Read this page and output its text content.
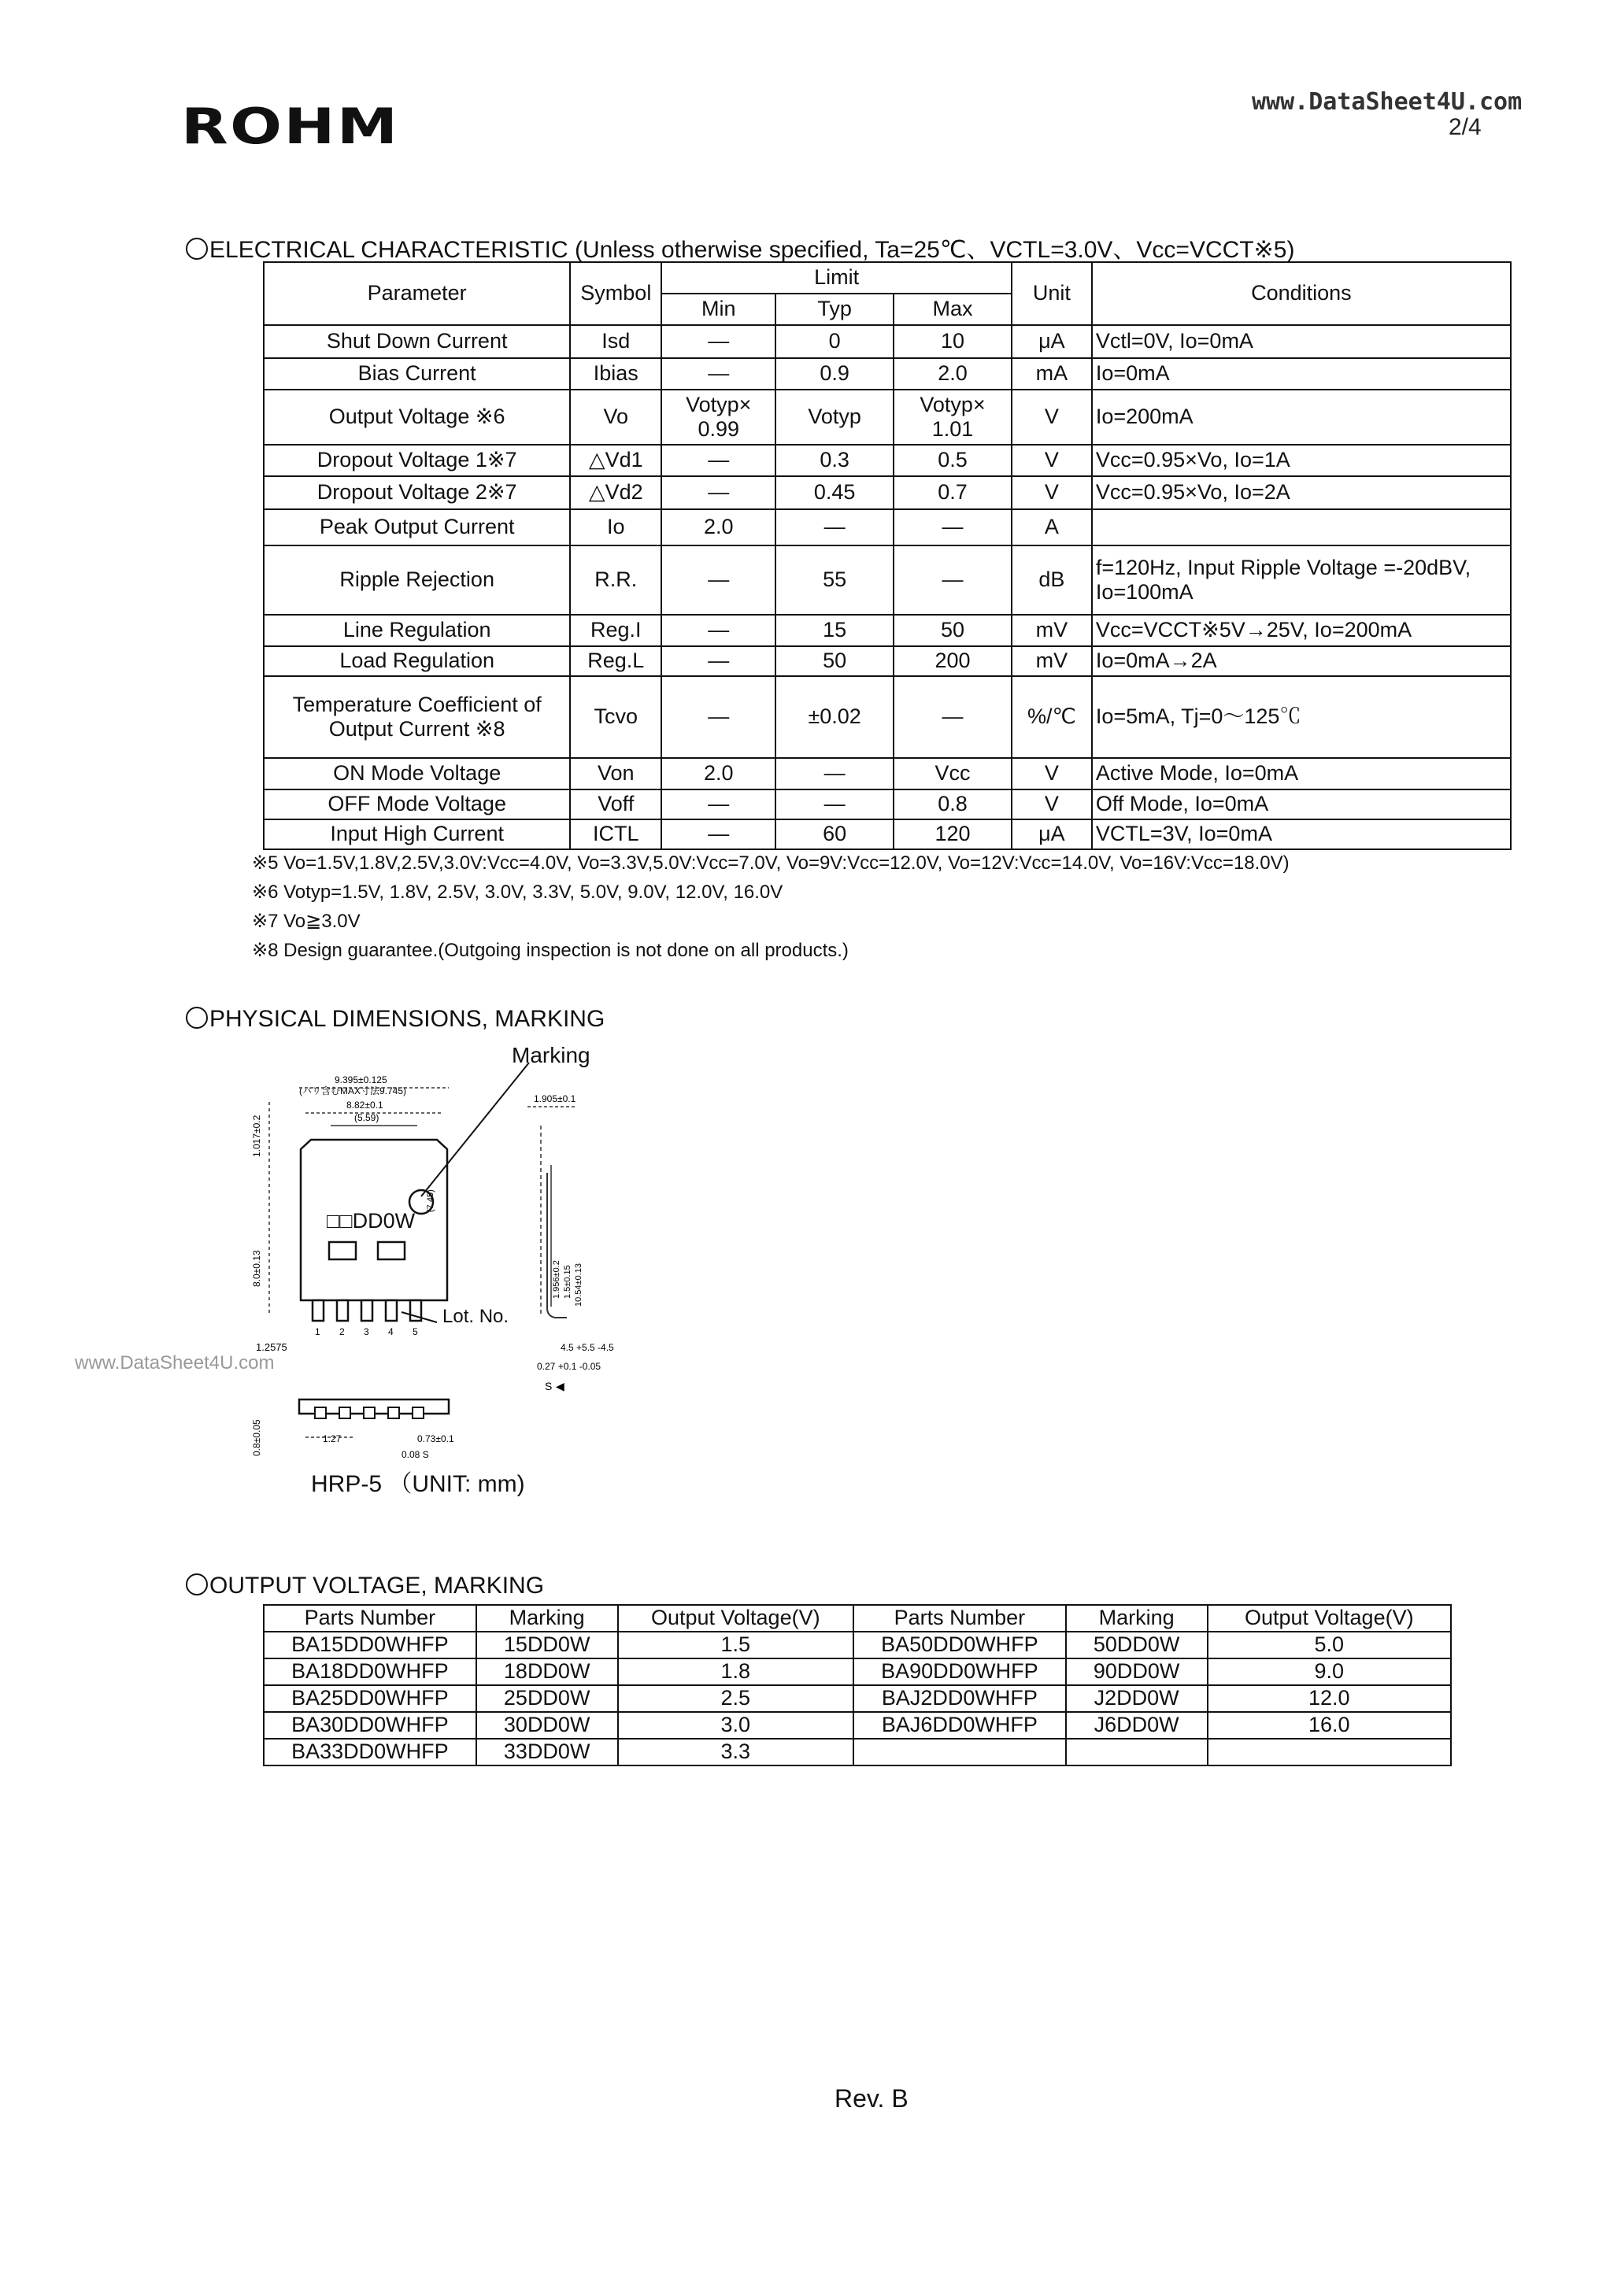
ROHM	www.DataSheet4U.com
2/4
ELECTRICAL CHARACTERISTIC (Unless otherwise specified, Ta=25℃、VCTL=3.0V、Vcc=VCCT※5)
Parameter	Symbol	Limit			Unit	Conditions
		Min	Typ	Max		
Shut Down Current	Isd	—	0	10	μA	Vctl=0V, Io=0mA
Bias Current	Ibias	—	0.9	2.0	mA	Io=0mA
Output Voltage ※6	Vo	Votyp× 0.99	Votyp	Votyp× 1.01	V	Io=200mA
Dropout Voltage 1※7	△Vd1	—	0.3	0.5	V	Vcc=0.95×Vo, Io=1A
Dropout Voltage 2※7	△Vd2	—	0.45	0.7	V	Vcc=0.95×Vo, Io=2A
Peak Output Current	Io	2.0	—	—	A	
Ripple Rejection	R.R.	—	55	—	dB	f=120Hz, Input Ripple Voltage =-20dBV, Io=100mA
Line Regulation	Reg.I	—	15	50	mV	Vcc=VCCT※5V→25V, Io=200mA
Load Regulation	Reg.L	—	50	200	mV	Io=0mA→2A
Temperature Coefficient of Output Current ※8	Tcvo	—	±0.02	—	%/℃	Io=5mA, Tj=0～125℃
ON Mode Voltage	Von	2.0	—	Vcc	V	Active Mode, Io=0mA
OFF Mode Voltage	Voff	—	—	0.8	V	Off Mode, Io=0mA
Input High Current	ICTL	—	60	120	μA	VCTL=3V, Io=0mA
※5 Vo=1.5V,1.8V,2.5V,3.0V:Vcc=4.0V, Vo=3.3V,5.0V:Vcc=7.0V, Vo=9V:Vcc=12.0V, Vo=12V:Vcc=14.0V, Vo=16V:Vcc=18.0V)
※6 Votyp=1.5V, 1.8V, 2.5V, 3.0V, 3.3V, 5.0V, 9.0V, 12.0V, 16.0V
※7 Vo≧3.0V
※8 Design guarantee.(Outgoing inspection is not done on all products.)
PHYSICAL DIMENSIONS, MARKING
Marking
9.395±0.125
(バリ含むMAX寸法9.745)
8.82±0.1
(5.59)
1.017±0.2
8.0±0.13
□□DD0W
(7.45)
1 2 3 4 5
1.2575
Lot. No.
1.905±0.1
1.956±0.2 1.5±0.15 10.54±0.13
4.5 +5.5 -4.5
0.27 +0.1 -0.05
S ◀
0.8±0.05	1.27	0.73±0.1
0.08 S
www.DataSheet4U.com
HRP-5 （UNIT: mm)
OUTPUT VOLTAGE, MARKING
Parts Number	Marking	Output Voltage(V)	Parts Number	Marking	Output Voltage(V)
BA15DD0WHFP	15DD0W	1.5	BA50DD0WHFP	50DD0W	5.0
BA18DD0WHFP	18DD0W	1.8	BA90DD0WHFP	90DD0W	9.0
BA25DD0WHFP	25DD0W	2.5	BAJ2DD0WHFP	J2DD0W	12.0
BA30DD0WHFP	30DD0W	3.0	BAJ6DD0WHFP	J6DD0W	16.0
BA33DD0WHFP	33DD0W	3.3			
Rev. B
